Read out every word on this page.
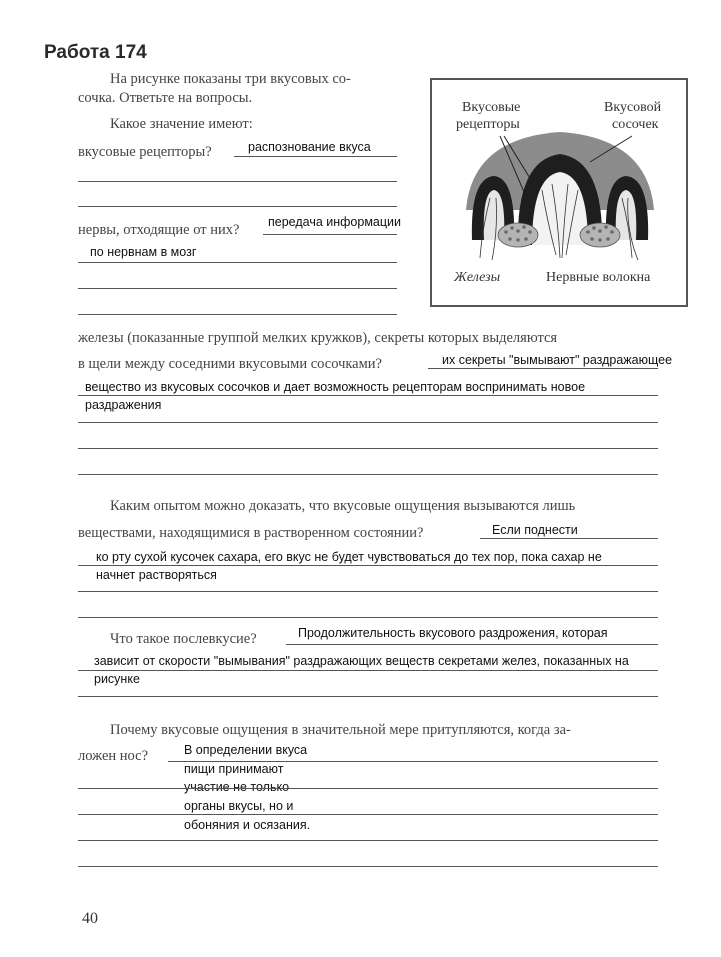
Работа 174
На рисунке показаны три вкусовых со-
сочка. Ответьте на вопросы.
Вкусовые
рецепторы
Вкусовой
сосочек
Железы	Нервные волокна
Какое значение имеют:
вкусовые рецепторы?	распознование вкуса
нервы, отходящие от них? передача информации
по нервнам в мозг
железы (показанные группой мелких кружков), секреты которых выделяются
в щели между соседними вкусовыми сосочками?	их секреты "вымывают" раздражающее
вещество из вкусовых сосочков и дает возможность рецепторам воспринимать новое
раздражения
Каким опытом можно доказать, что вкусовые ощущения вызываются лишь
веществами, находящимися в растворенном состоянии?	Если поднести
ко рту сухой кусочек сахара, его вкус не будет чувствоваться до тех пор, пока сахар не
начнет растворяться
Что такое послевкусие?	Продолжительность вкусового раздрожения, которая
зависит от скорости "вымывания" раздражающих веществ секретами желез, показанных на
рисунке
Почему вкусовые ощущения в значительной мере притупляются, когда за-
ложен нос?	В определении вкуса
пищи принимают
участие не только
органы вкусы, но и
обоняния и осязания.
40
